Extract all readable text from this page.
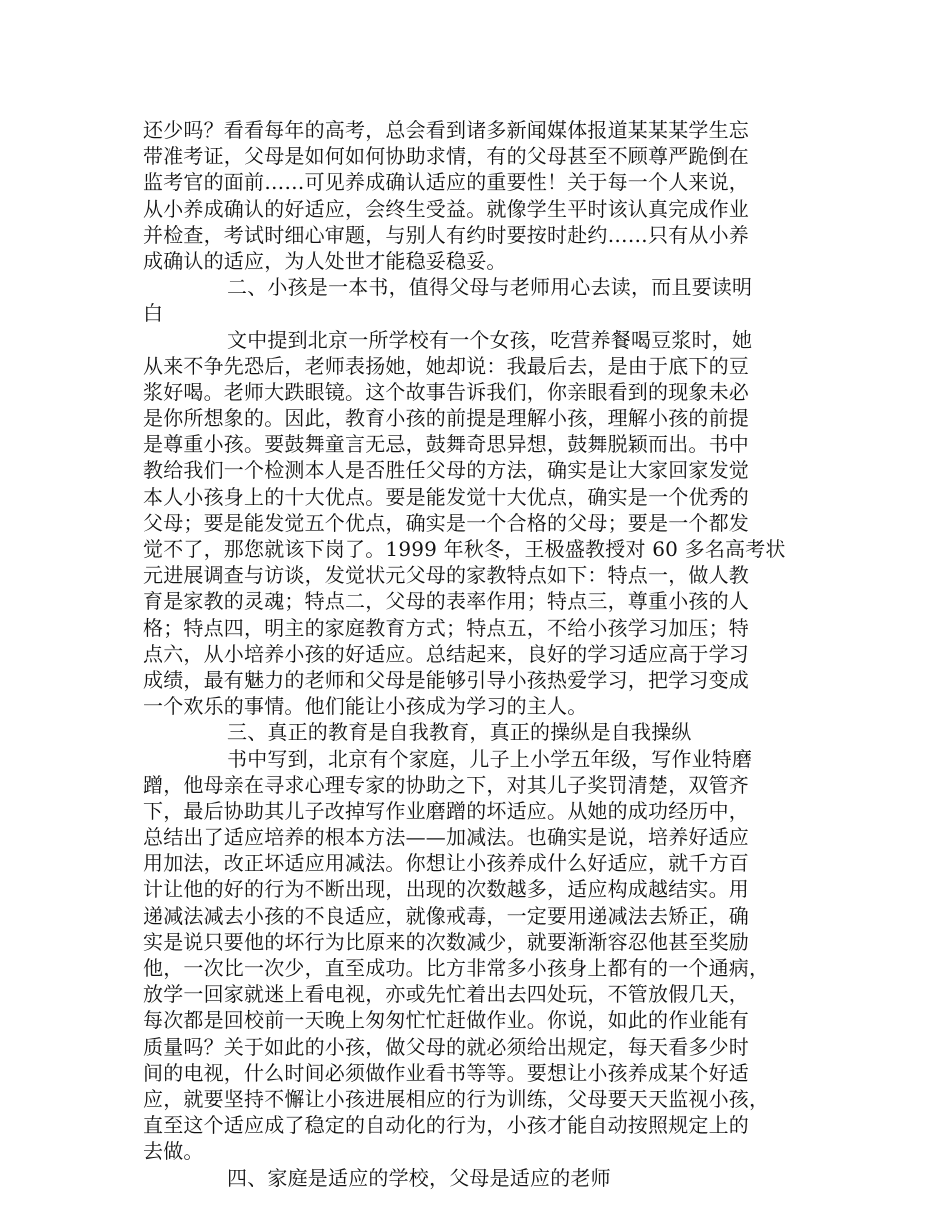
还少吗？看看每年的高考，总会看到诸多新闻媒体报道某某某学生忘
带准考证，父母是如何如何协助求情，有的父母甚至不顾尊严跪倒在
监考官的面前……可见养成确认适应的重要性！关于每一个人来说，
从小养成确认的好适应，会终生受益。就像学生平时该认真完成作业
并检查，考试时细心审题，与别人有约时要按时赴约……只有从小养
成确认的适应，为人处世才能稳妥稳妥。
二、小孩是一本书，值得父母与老师用心去读，而且要读明
白
文中提到北京一所学校有一个女孩，吃营养餐喝豆浆时，她
从来不争先恐后，老师表扬她，她却说：我最后去，是由于底下的豆
浆好喝。老师大跌眼镜。这个故事告诉我们，你亲眼看到的现象未必
是你所想象的。因此，教育小孩的前提是理解小孩，理解小孩的前提
是尊重小孩。要鼓舞童言无忌，鼓舞奇思异想，鼓舞脱颖而出。书中
教给我们一个检测本人是否胜任父母的方法，确实是让大家回家发觉
本人小孩身上的十大优点。要是能发觉十大优点，确实是一个优秀的
父母；要是能发觉五个优点，确实是一个合格的父母；要是一个都发
觉不了，那您就该下岗了。1999 年秋冬，王极盛教授对 60 多名高考状
元进展调查与访谈，发觉状元父母的家教特点如下：特点一，做人教
育是家教的灵魂；特点二，父母的表率作用；特点三，尊重小孩的人
格；特点四，明主的家庭教育方式；特点五，不给小孩学习加压；特
点六，从小培养小孩的好适应。总结起来，良好的学习适应高于学习
成绩，最有魅力的老师和父母是能够引导小孩热爱学习，把学习变成
一个欢乐的事情。他们能让小孩成为学习的主人。
三、真正的教育是自我教育，真正的操纵是自我操纵
书中写到，北京有个家庭，儿子上小学五年级，写作业特磨
蹭，他母亲在寻求心理专家的协助之下，对其儿子奖罚清楚，双管齐
下，最后协助其儿子改掉写作业磨蹭的坏适应。从她的成功经历中，
总结出了适应培养的根本方法——加减法。也确实是说，培养好适应
用加法，改正坏适应用减法。你想让小孩养成什么好适应，就千方百
计让他的好的行为不断出现，出现的次数越多，适应构成越结实。用
递减法减去小孩的不良适应，就像戒毒，一定要用递减法去矫正，确
实是说只要他的坏行为比原来的次数减少，就要渐渐容忍他甚至奖励
他，一次比一次少，直至成功。比方非常多小孩身上都有的一个通病，
放学一回家就迷上看电视，亦或先忙着出去四处玩，不管放假几天，
每次都是回校前一天晚上匆匆忙忙赶做作业。你说，如此的作业能有
质量吗？关于如此的小孩，做父母的就必须给出规定，每天看多少时
间的电视，什么时间必须做作业看书等等。要想让小孩养成某个好适
应，就要坚持不懈让小孩进展相应的行为训练，父母要天天监视小孩，
直至这个适应成了稳定的自动化的行为，小孩才能自动按照规定上的
去做。
四、家庭是适应的学校，父母是适应的老师
